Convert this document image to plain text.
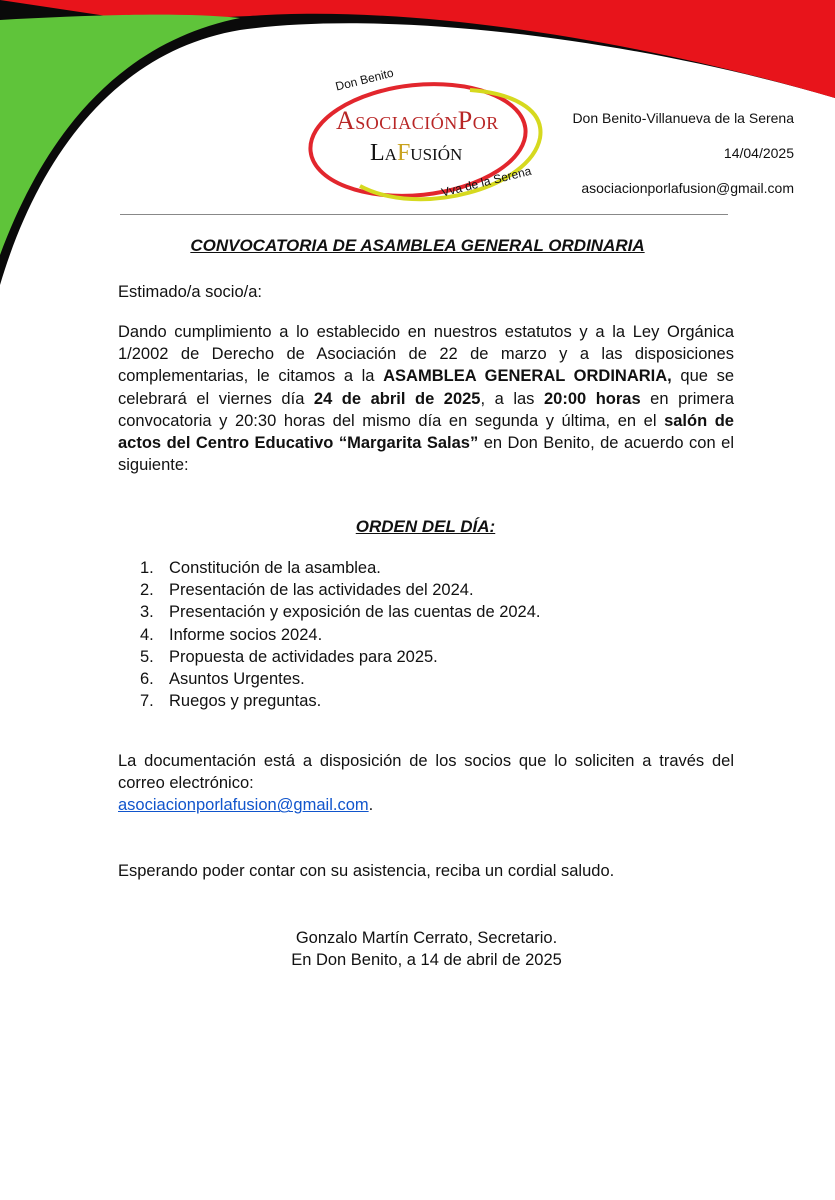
Don Benito
AsociaciónPor
LaFusión
Vva de la Serena
Don Benito-Villanueva de la Serena
14/04/2025
asociacionporlafusion@gmail.com
CONVOCATORIA DE ASAMBLEA GENERAL ORDINARIA
Estimado/a socio/a:
Dando cumplimiento a lo establecido en nuestros estatutos y a la Ley Orgánica 1/2002 de Derecho de Asociación de 22 de marzo y a las disposiciones complementarias, le citamos a la ASAMBLEA GENERAL ORDINARIA, que se celebrará el viernes día 24 de abril de 2025, a las 20:00 horas en primera convocatoria y 20:30 horas del mismo día en segunda y última, en el salón de actos del Centro Educativo “Margarita Salas” en Don Benito, de acuerdo con el siguiente:
ORDEN DEL DÍA:
1. Constitución de la asamblea.
2. Presentación de las actividades del 2024.
3. Presentación y exposición de las cuentas de 2024.
4. Informe socios 2024.
5. Propuesta de actividades para 2025.
6. Asuntos Urgentes.
7. Ruegos y preguntas.
La documentación está a disposición de los socios que lo soliciten a través del correo electrónico:
asociacionporlafusion@gmail.com.
Esperando poder contar con su asistencia, reciba un cordial saludo.
Gonzalo Martín Cerrato, Secretario.
En Don Benito, a 14 de abril de 2025
